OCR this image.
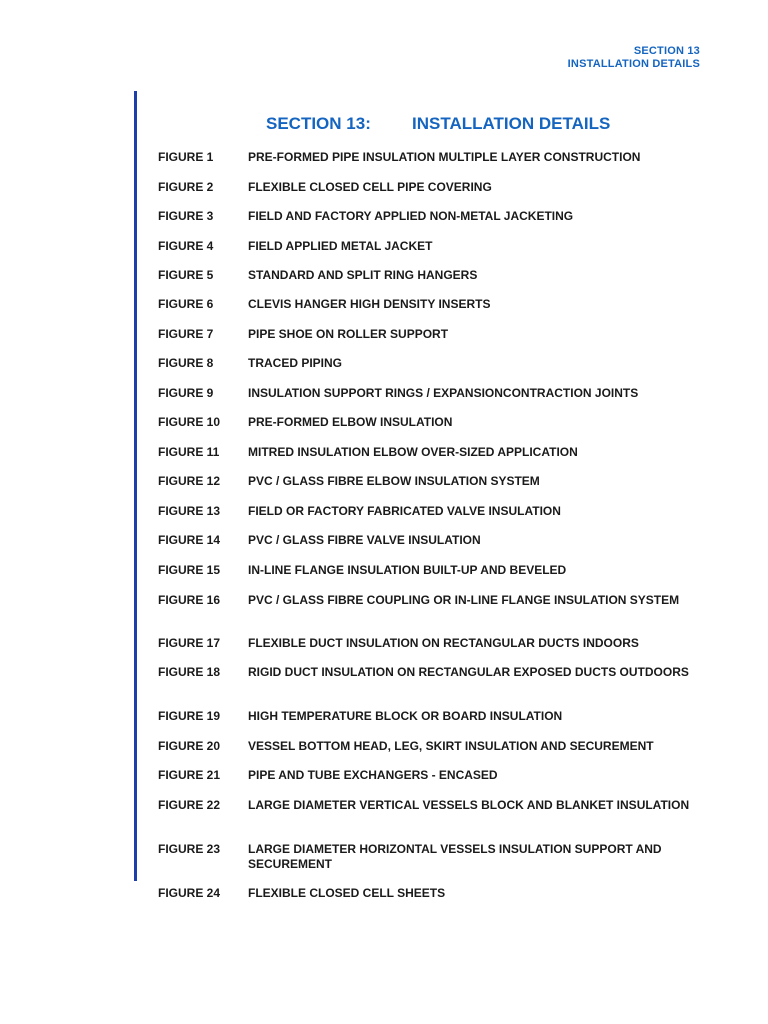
SECTION 13
INSTALLATION DETAILS
SECTION 13: INSTALLATION DETAILS
FIGURE 1	PRE-FORMED PIPE INSULATION MULTIPLE LAYER CONSTRUCTION
FIGURE 2	FLEXIBLE CLOSED CELL PIPE COVERING
FIGURE 3	FIELD AND FACTORY APPLIED NON-METAL JACKETING
FIGURE 4	FIELD APPLIED METAL JACKET
FIGURE 5	STANDARD AND SPLIT RING HANGERS
FIGURE 6	CLEVIS HANGER HIGH DENSITY INSERTS
FIGURE 7	PIPE SHOE ON ROLLER SUPPORT
FIGURE 8	TRACED PIPING
FIGURE 9	INSULATION SUPPORT RINGS / EXPANSIONCONTRACTION JOINTS
FIGURE 10	PRE-FORMED ELBOW INSULATION
FIGURE 11	MITRED INSULATION ELBOW OVER-SIZED APPLICATION
FIGURE 12	PVC / GLASS FIBRE ELBOW INSULATION SYSTEM
FIGURE 13	FIELD OR FACTORY FABRICATED VALVE INSULATION
FIGURE 14	PVC / GLASS FIBRE VALVE INSULATION
FIGURE 15	IN-LINE FLANGE INSULATION BUILT-UP AND BEVELED
FIGURE 16	PVC / GLASS FIBRE COUPLING OR IN-LINE FLANGE INSULATION SYSTEM
FIGURE 17	FLEXIBLE DUCT INSULATION ON RECTANGULAR DUCTS INDOORS
FIGURE 18	RIGID DUCT INSULATION ON RECTANGULAR EXPOSED DUCTS OUTDOORS
FIGURE 19	HIGH TEMPERATURE BLOCK OR BOARD INSULATION
FIGURE 20	VESSEL BOTTOM HEAD, LEG, SKIRT INSULATION AND SECUREMENT
FIGURE 21	PIPE AND TUBE EXCHANGERS - ENCASED
FIGURE 22	LARGE DIAMETER VERTICAL VESSELS BLOCK AND BLANKET INSULATION
FIGURE 23	LARGE DIAMETER HORIZONTAL VESSELS INSULATION SUPPORT AND SECUREMENT
FIGURE 24	FLEXIBLE CLOSED CELL SHEETS
